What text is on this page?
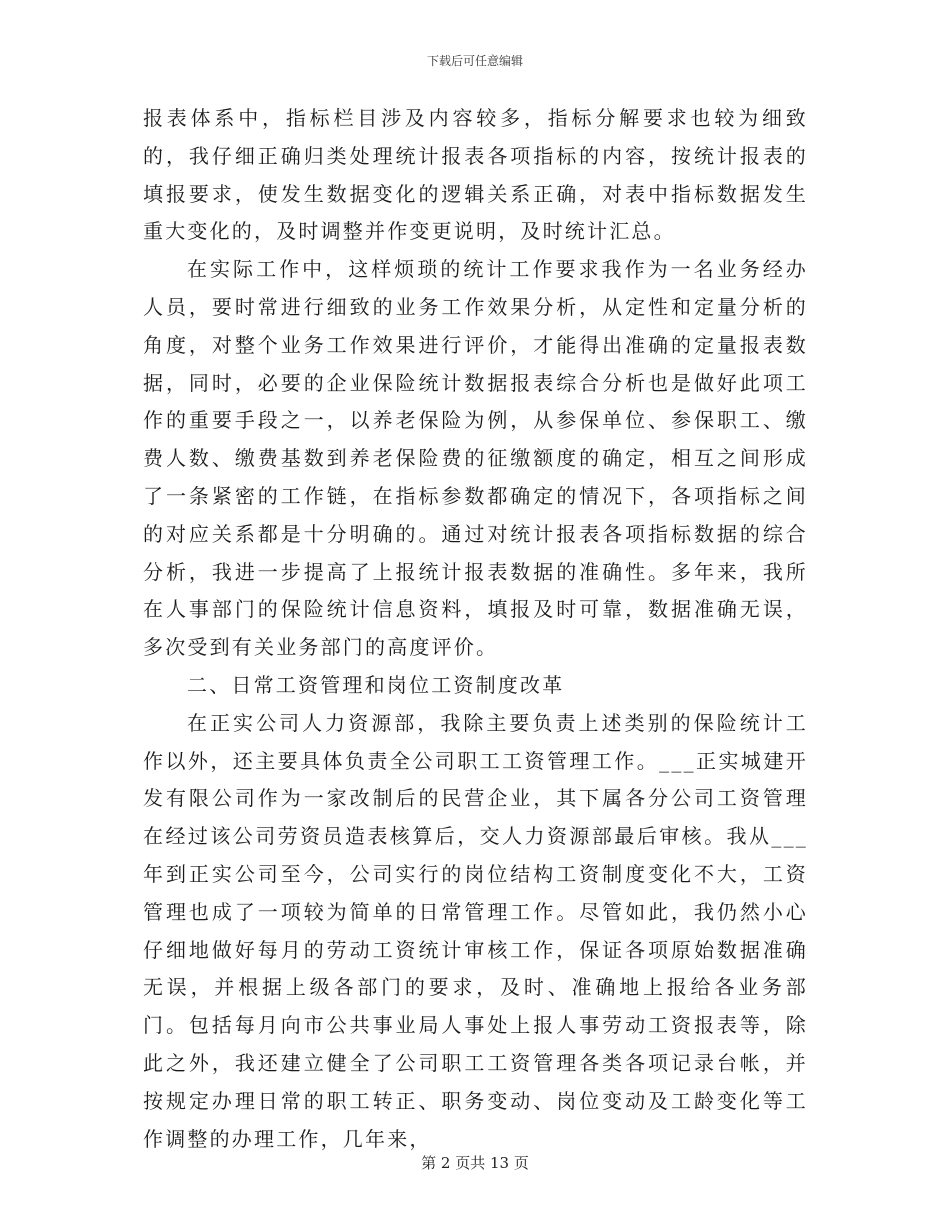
下载后可任意编辑

报表体系中，指标栏目涉及内容较多，指标分解要求也较为细致的，我仔细正确归类处理统计报表各项指标的内容，按统计报表的填报要求，使发生数据变化的逻辑关系正确，对表中指标数据发生重大变化的，及时调整并作变更说明，及时统计汇总。

在实际工作中，这样烦琐的统计工作要求我作为一名业务经办人员，要时常进行细致的业务工作效果分析，从定性和定量分析的角度，对整个业务工作效果进行评价，才能得出准确的定量报表数据，同时，必要的企业保险统计数据报表综合分析也是做好此项工作的重要手段之一，以养老保险为例，从参保单位、参保职工、缴费人数、缴费基数到养老保险费的征缴额度的确定，相互之间形成了一条紧密的工作链，在指标参数都确定的情况下，各项指标之间的对应关系都是十分明确的。通过对统计报表各项指标数据的综合分析，我进一步提高了上报统计报表数据的准确性。多年来，我所在人事部门的保险统计信息资料，填报及时可靠，数据准确无误，多次受到有关业务部门的高度评价。

二、日常工资管理和岗位工资制度改革

在正实公司人力资源部，我除主要负责上述类别的保险统计工作以外，还主要具体负责全公司职工工资管理工作。___正实城建开发有限公司作为一家改制后的民营企业，其下属各分公司工资管理在经过该公司劳资员造表核算后，交人力资源部最后审核。我从___年到正实公司至今，公司实行的岗位结构工资制度变化不大，工资管理也成了一项较为简单的日常管理工作。尽管如此，我仍然小心仔细地做好每月的劳动工资统计审核工作，保证各项原始数据准确无误，并根据上级各部门的要求，及时、准确地上报给各业务部门。包括每月向市公共事业局人事处上报人事劳动工资报表等，除此之外，我还建立健全了公司职工工资管理各类各项记录台帐，并按规定办理日常的职工转正、职务变动、岗位变动及工龄变化等工作调整的办理工作，几年来，

第 2 页共 13 页
